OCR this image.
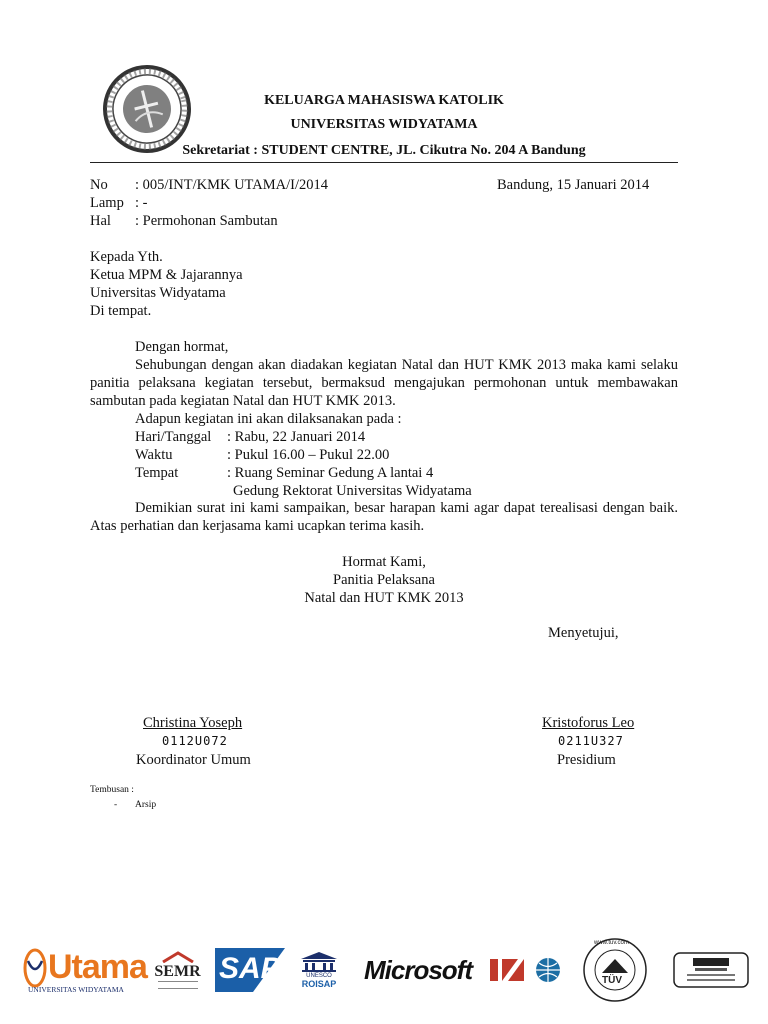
KELUARGA MAHASISWA KATOLIK
UNIVERSITAS WIDYATAMA
Sekretariat : STUDENT CENTRE, JL. Cikutra No. 204 A Bandung
No : 005/INT/KMK UTAMA/I/2014	Bandung, 15 Januari 2014
Lamp : -
Hal : Permohonan Sambutan
Kepada Yth.
Ketua MPM & Jajarannya
Universitas Widyatama
Di tempat.
Dengan hormat,
Sehubungan dengan akan diadakan kegiatan Natal dan HUT KMK 2013 maka kami selaku panitia pelaksana kegiatan tersebut, bermaksud mengajukan permohonan untuk membawakan sambutan pada kegiatan Natal dan HUT KMK 2013.
Adapun kegiatan ini akan dilaksanakan pada :
Hari/Tanggal : Rabu, 22 Januari 2014
Waktu	: Pukul 16.00 – Pukul 22.00
Tempat	: Ruang Seminar Gedung A lantai 4
Gedung Rektorat Universitas Widyatama
Demikian surat ini kami sampaikan, besar harapan kami agar dapat terealisasi dengan baik. Atas perhatian dan kerjasama kami ucapkan terima kasih.
Hormat Kami,
Panitia Pelaksana
Natal dan HUT KMK 2013
Menyetujui,
Christina Yoseph
0112U072
Koordinator Umum
Kristoforus Leo
0211U327
Presidium
Tembusan :
- Arsip
Utama
UNIVERSITAS WIDYATAMA
SEMR SAP	UNESCO
ROISAP Microsoft
www.tuv.com
TÜV
